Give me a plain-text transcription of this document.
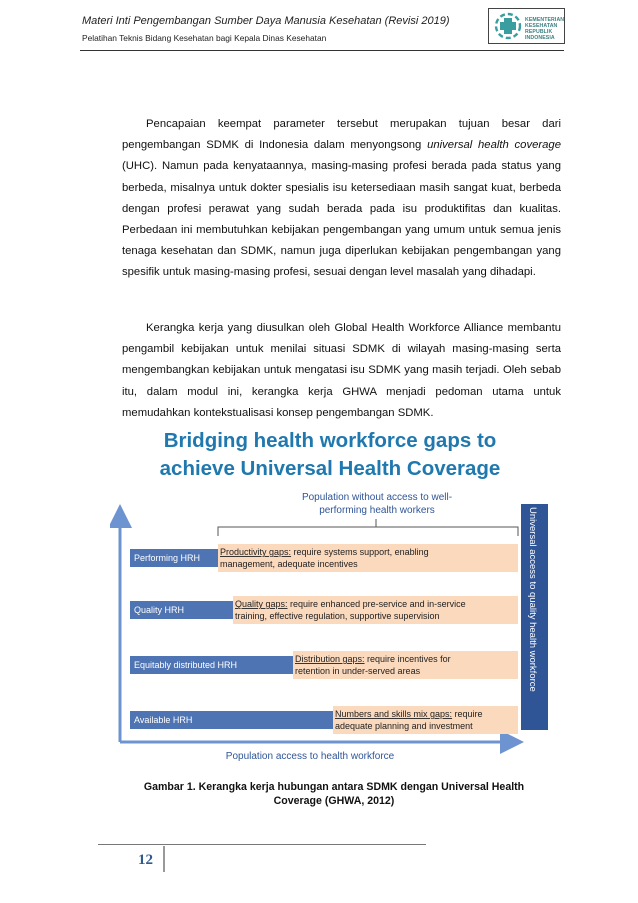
Materi Inti Pengembangan Sumber Daya Manusia Kesehatan (Revisi 2019)
Pelatihan Teknis Bidang Kesehatan bagi Kepala Dinas Kesehatan
KEMENTERIAN
KESEHATAN
REPUBLIK
INDONESIA
Pencapaian keempat parameter tersebut merupakan tujuan besar dari pengembangan SDMK di Indonesia dalam menyongsong universal health coverage (UHC). Namun pada kenyataannya, masing-masing profesi berada pada status yang berbeda, misalnya untuk dokter spesialis isu ketersediaan masih sangat kuat, berbeda dengan profesi perawat yang sudah berada pada isu produktifitas dan kualitas. Perbedaan ini membutuhkan kebijakan pengembangan yang umum untuk semua jenis tenaga kesehatan dan SDMK, namun juga diperlukan kebijakan pengembangan yang spesifik untuk masing-masing profesi, sesuai dengan level masalah yang dihadapi.
Kerangka kerja yang diusulkan oleh Global Health Workforce Alliance membantu pengambil kebijakan untuk menilai situasi SDMK di wilayah masing-masing serta mengembangkan kebijakan untuk mengatasi isu SDMK yang masih terjadi. Oleh sebab itu, dalam modul ini, kerangka kerja GHWA menjadi pedoman utama untuk memudahkan kontekstualisasi konsep pengembangan SDMK.
Bridging health workforce gaps to
achieve Universal Health Coverage
Population without access to well-
performing health workers	Universal access to quality health workforce
Performing HRH
Productivity gaps: require systems support, enabling
management, adequate incentives
Quality HRH
Quality gaps: require enhanced pre-service and in-service
training, effective regulation, supportive supervision
Equitably distributed HRH
Distribution gaps: require incentives for
retention in under-served areas
Available HRH
Numbers and skills mix gaps: require
adequate planning and investment
Population access to health workforce
Gambar 1. Kerangka kerja hubungan antara SDMK dengan Universal Health
Coverage (GHWA, 2012)
12
